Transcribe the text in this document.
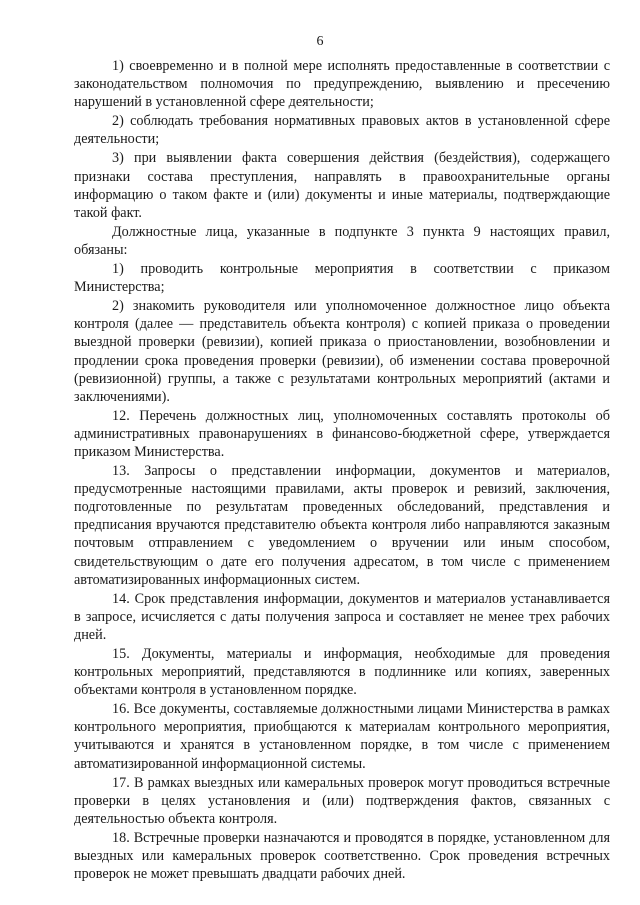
6

1) своевременно и в полной мере исполнять предоставленные в соответствии с законодательством полномочия по предупреждению, выявлению и пресечению нарушений в установленной сфере деятельности;

2) соблюдать требования нормативных правовых актов в установленной сфере деятельности;

3) при выявлении факта совершения действия (бездействия), содержащего признаки состава преступления, направлять в правоохранительные органы информацию о таком факте и (или) документы и иные материалы, подтверждающие такой факт.

Должностные лица, указанные в подпункте 3 пункта 9 настоящих правил, обязаны:

1) проводить контрольные мероприятия в соответствии с приказом Министерства;

2) знакомить руководителя или уполномоченное должностное лицо объекта контроля (далее — представитель объекта контроля) с копией приказа о проведении выездной проверки (ревизии), копией приказа о приостановлении, возобновлении и продлении срока проведения проверки (ревизии), об изменении состава проверочной (ревизионной) группы, а также с результатами контрольных мероприятий (актами и заключениями).

12. Перечень должностных лиц, уполномоченных составлять протоколы об административных правонарушениях в финансово-бюджетной сфере, утверждается приказом Министерства.

13. Запросы о представлении информации, документов и материалов, предусмотренные настоящими правилами, акты проверок и ревизий, заключения, подготовленные по результатам проведенных обследований, представления и предписания вручаются представителю объекта контроля либо направляются заказным почтовым отправлением с уведомлением о вручении или иным способом, свидетельствующим о дате его получения адресатом, в том числе с применением автоматизированных информационных систем.

14. Срок представления информации, документов и материалов устанавливается в запросе, исчисляется с даты получения запроса и составляет не менее трех рабочих дней.

15. Документы, материалы и информация, необходимые для проведения контрольных мероприятий, представляются в подлиннике или копиях, заверенных объектами контроля в установленном порядке.

16. Все документы, составляемые должностными лицами Министерства в рамках контрольного мероприятия, приобщаются к материалам контрольного мероприятия, учитываются и хранятся в установленном порядке, в том числе с применением автоматизированной информационной системы.

17. В рамках выездных или камеральных проверок могут проводиться встречные проверки в целях установления и (или) подтверждения фактов, связанных с деятельностью объекта контроля.

18. Встречные проверки назначаются и проводятся в порядке, установленном для выездных или камеральных проверок соответственно. Срок проведения встречных проверок не может превышать двадцати рабочих дней.
